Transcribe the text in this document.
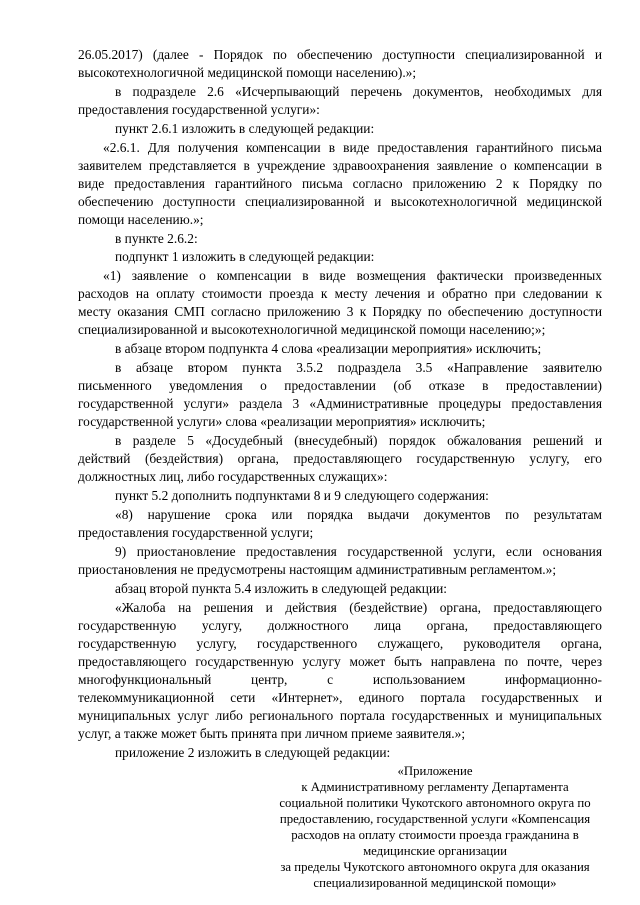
26.05.2017) (далее - Порядок по обеспечению доступности специализированной и
высокотехнологичной медицинской помощи населению).»;
в подразделе 2.6 «Исчерпывающий перечень документов, необходимых для
предоставления государственной услуги»:
пункт 2.6.1 изложить в следующей редакции:
«2.6.1. Для получения компенсации в виде предоставления гарантийного письма
заявителем представляется в учреждение здравоохранения заявление о компенсации в
виде предоставления гарантийного письма согласно приложению 2 к Порядку по
обеспечению доступности специализированной и высокотехнологичной медицинской
помощи населению.»;
в пункте 2.6.2:
подпункт 1 изложить в следующей редакции:
«1) заявление о компенсации в виде возмещения фактически произведенных
расходов на оплату стоимости проезда к месту лечения и обратно при следовании к
месту оказания СМП согласно приложению 3 к Порядку по обеспечению доступности
специализированной и высокотехнологичной медицинской помощи населению;»;
в абзаце втором подпункта 4 слова «реализации мероприятия» исключить;
в абзаце втором пункта 3.5.2 подраздела 3.5 «Направление заявителю
письменного уведомления о предоставлении (об отказе в предоставлении)
государственной услуги» раздела 3 «Административные процедуры предоставления
государственной услуги» слова «реализации мероприятия» исключить;
в разделе 5 «Досудебный (внесудебный) порядок обжалования решений и
действий (бездействия) органа, предоставляющего государственную услугу, его
должностных лиц, либо государственных служащих»:
пункт 5.2 дополнить подпунктами 8 и 9 следующего содержания:
«8) нарушение срока или порядка выдачи документов по результатам
предоставления государственной услуги;
9) приостановление предоставления государственной услуги, если основания
приостановления не предусмотрены настоящим административным регламентом.»;
абзац второй пункта 5.4 изложить в следующей редакции:
«Жалоба на решения и действия (бездействие) органа, предоставляющего
государственную услугу, должностного лица органа, предоставляющего
государственную услугу, государственного служащего, руководителя органа,
предоставляющего государственную услугу может быть направлена по почте, через
многофункциональный центр, с использованием информационно-
телекоммуникационной сети «Интернет», единого портала государственных и
муниципальных услуг либо регионального портала государственных и муниципальных
услуг, а также может быть принята при личном приеме заявителя.»;
приложение 2 изложить в следующей редакции:
«Приложение
к Административному регламенту Департамента
социальной политики Чукотского автономного округа по
предоставлению, государственной услуги «Компенсация
расходов на оплату стоимости проезда гражданина в
медицинские организации
за пределы Чукотского автономного округа для оказания
специализированной медицинской помощи»
